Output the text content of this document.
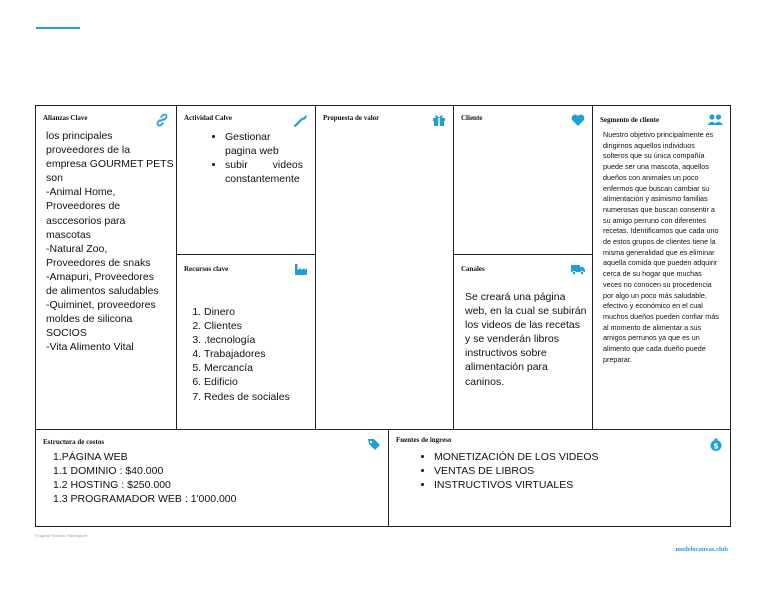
Alianzas Clave
los principales
proveedores de la
empresa GOURMET PETS
son
-Animal Home,
Proveedores de
asccesorios para
mascotas
-Natural Zoo,
Proveedores de snaks
-Amapuri, Proveedores
de alimentos saludables
-Quiminet, proveedores
moldes de silicona
SOCIOS
-Vita Alimento Vital
Actividad Calve
• Gestionar pagina web
• subir videos constantemente
Recursos clave
1. Dinero
2. Clientes
3. .tecnología
4. Trabajadores
5. Mercancía
6. Edificio
7. Redes de sociales
Propuesta de valor	Cliente
Canales
Se creará una página web, en la cual se subirán los videos de las recetas y se venderán libros instructivos sobre alimentación para caninos.
Segmento de cliente
Nuestro objetivo principalmente es dirigirnos aquellos individuos solteros que su única compañía puede ser una mascota, aquellos dueños con animales un poco enfermos que buscan cambiar su alimentación y asimismo familias numerosas que buscan consentir a su amigo perruno con diferentes recetas. Identificamos que cada uno de estos grupos de clientes tiene la misma generalidad que es eliminar aquella comida que pueden adquirir cerca de su hogar que muchas veces no conocen su procedencia por algo un poco más saludable, efectivo y económico en el cual muchos dueños pueden confiar más al momento de alimentar a sus amigos perrunos ya que es un alimento que cada dueño puede preparar.
Estructura de costos
1.PÁGINA WEB
1.1 DOMINIO : $40.000
1.2 HOSTING : $250.000
1.3 PROGRAMADOR WEB : 1'000.000
Fuentes de ingreso
$
• MONETIZACIÓN DE LOS VIDEOS
• VENTAS DE LIBROS
• INSTRUCTIVOS VIRTUALES
Original Version: Strategyzer
modelocanvas.club
